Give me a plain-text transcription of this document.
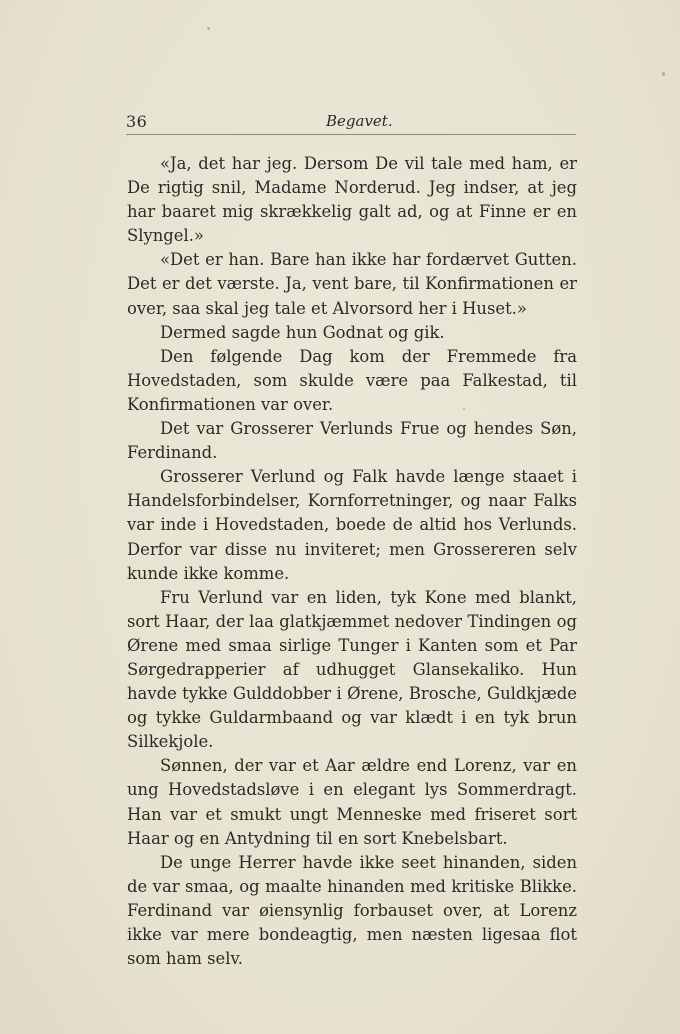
36	Begavet.

«Ja, det har jeg. Dersom De vil tale med ham, er De rigtig snil, Madame Norderud. Jeg indser, at jeg har baaret mig skrækkelig galt ad, og at Finne er en Slyngel.»

«Det er han. Bare han ikke har fordærvet Gutten. Det er det værste. Ja, vent bare, til Konfirmationen er over, saa skal jeg tale et Alvorsord her i Huset.»

Dermed sagde hun Godnat og gik.

Den følgende Dag kom der Fremmede fra Hovedstaden, som skulde være paa Falkestad, til Konfirmationen var over.

Det var Grosserer Verlunds Frue og hendes Søn, Ferdinand.

Grosserer Verlund og Falk havde længe staaet i Handelsforbindelser, Kornforretninger, og naar Falks var inde i Hovedstaden, boede de altid hos Verlunds. Derfor var disse nu inviteret; men Grossereren selv kunde ikke komme.

Fru Verlund var en liden, tyk Kone med blankt, sort Haar, der laa glatkjæmmet nedover Tindingen og Ørene med smaa sirlige Tunger i Kanten som et Par Sørgedrapperier af udhugget Glansekaliko. Hun havde tykke Gulddobber i Ørene, Brosche, Guldkjæde og tykke Guldarmbaand og var klædt i en tyk brun Silkekjole.

Sønnen, der var et Aar ældre end Lorenz, var en ung Hovedstadsløve i en elegant lys Sommerdragt. Han var et smukt ungt Menneske med friseret sort Haar og en Antydning til en sort Knebelsbart.

De unge Herrer havde ikke seet hinanden, siden de var smaa, og maalte hinanden med kritiske Blikke. Ferdinand var øiensynlig forbauset over, at Lorenz ikke var mere bondeagtig, men næsten ligesaa flot som ham selv.
